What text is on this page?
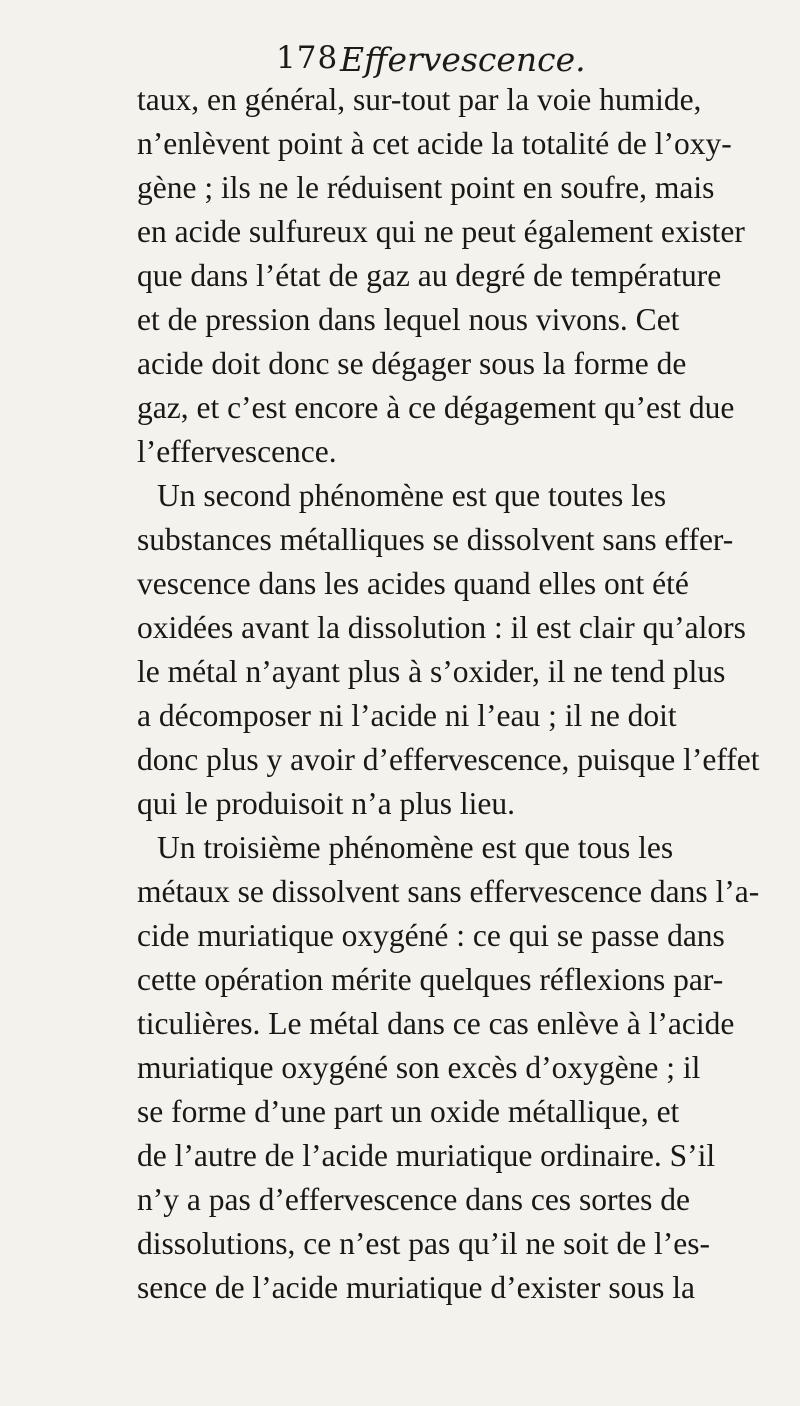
178 Effervescence.
taux, en général, sur-tout par la voie humide,
n’enlèvent point à cet acide la totalité de l’oxy-
gène ; ils ne le réduisent point en soufre, mais
en acide sulfureux qui ne peut également exister
que dans l’état de gaz au degré de température
et de pression dans lequel nous vivons. Cet
acide doit donc se dégager sous la forme de
gaz, et c’est encore à ce dégagement qu’est due
l’effervescence.
Un second phénomène est que toutes les
substances métalliques se dissolvent sans effer-
vescence dans les acides quand elles ont été
oxidées avant la dissolution : il est clair qu’alors
le métal n’ayant plus à s’oxider, il ne tend plus
a décomposer ni l’acide ni l’eau ; il ne doit
donc plus y avoir d’effervescence, puisque l’effet
qui le produisoit n’a plus lieu.
Un troisième phénomène est que tous les
métaux se dissolvent sans effervescence dans l’a-
cide muriatique oxygéné : ce qui se passe dans
cette opération mérite quelques réflexions par-
ticulières. Le métal dans ce cas enlève à l’acide
muriatique oxygéné son excès d’oxygène ; il
se forme d’une part un oxide métallique, et
de l’autre de l’acide muriatique ordinaire. S’il
n’y a pas d’effervescence dans ces sortes de
dissolutions, ce n’est pas qu’il ne soit de l’es-
sence de l’acide muriatique d’exister sous la
